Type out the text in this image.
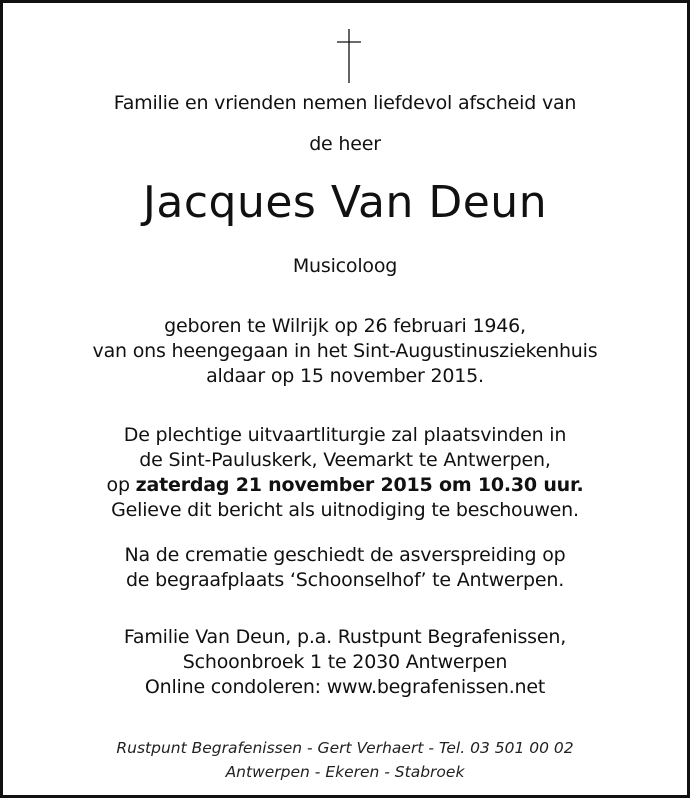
Familie en vrienden nemen liefdevol afscheid van
de heer
Jacques Van Deun
Musicoloog
geboren te Wilrijk op 26 februari 1946,
van ons heengegaan in het Sint-Augustinusziekenhuis
aldaar op 15 november 2015.
De plechtige uitvaartliturgie zal plaatsvinden in
de Sint-Pauluskerk, Veemarkt te Antwerpen,
op zaterdag 21 november 2015 om 10.30 uur.
Gelieve dit bericht als uitnodiging te beschouwen.
Na de crematie geschiedt de asverspreiding op
de begraafplaats ‘Schoonselhof’ te Antwerpen.
Familie Van Deun, p.a. Rustpunt Begrafenissen,
Schoonbroek 1 te 2030 Antwerpen
Online condoleren: www.begrafenissen.net
Rustpunt Begrafenissen - Gert Verhaert - Tel. 03 501 00 02
Antwerpen - Ekeren - Stabroek
